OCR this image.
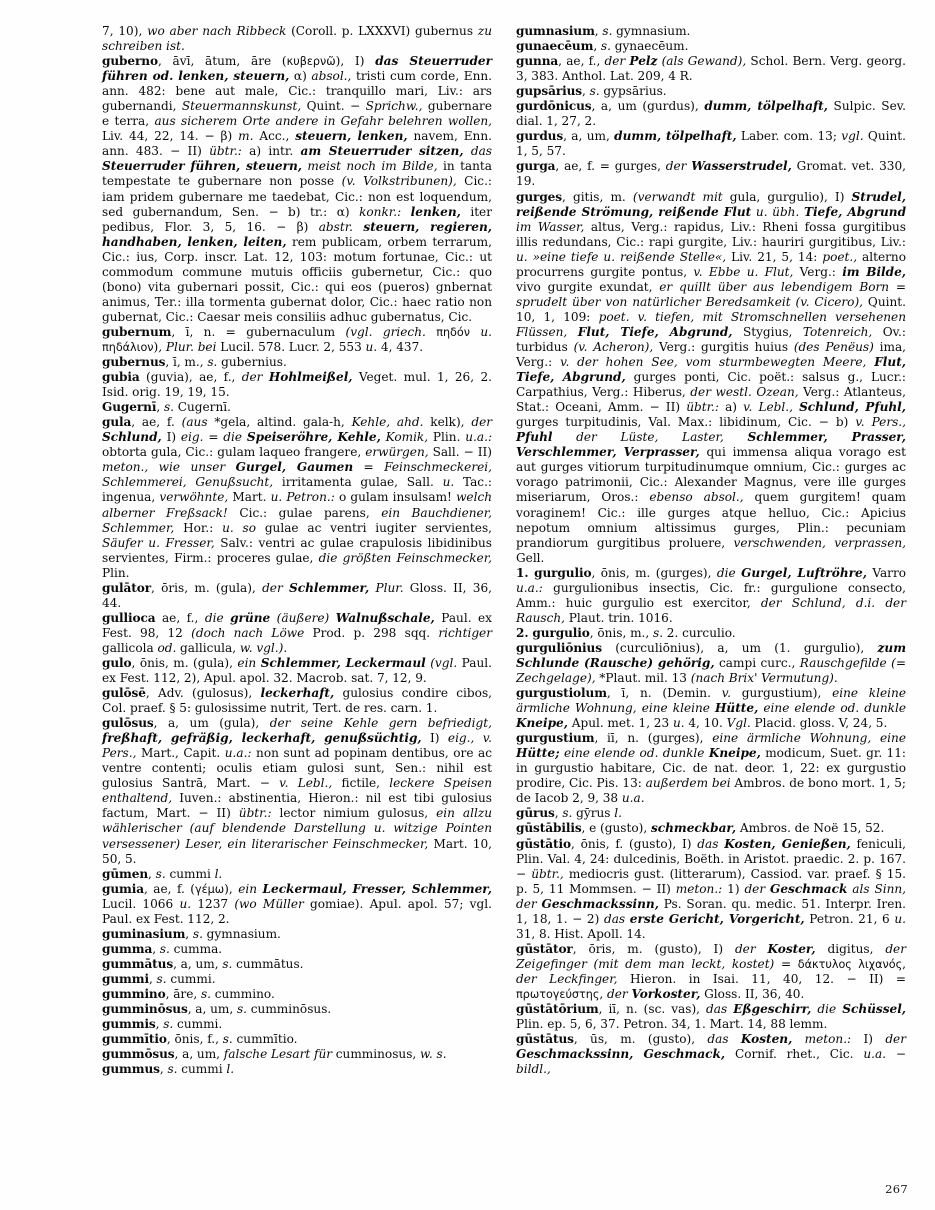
7, 10), wo aber nach Ribbeck (Coroll. p. LXXXVI) gubernus zu schreiben ist.

guberno, āvī, ātum, āre (κυβερνῶ), I) das Steuerruder führen od. lenken, steuern, α) absol., tristi cum corde, Enn. ann. 482: bene aut male, Cic.: tranquillo mari, Liv.: ars gubernandi, Steuermannskunst, Quint. − Sprichw., gubernare e terra, aus sicherem Orte andere in Gefahr belehren wollen, Liv. 44, 22, 14. − β) m. Acc., steuern, lenken, navem, Enn. ann. 483. − II) übtr.: a) intr. am Steuerruder sitzen, das Steuerruder führen, steuern, meist noch im Bilde, in tanta tempestate te gubernare non posse (v. Volkstribunen), Cic.: iam pridem gubernare me taedebat, Cic.: non est loquendum, sed gubernandum, Sen. − b) tr.: α) konkr.: lenken, iter pedibus, Flor. 3, 5, 16. − β) abstr. steuern, regieren, handhaben, lenken, leiten, rem publicam, orbem terrarum, Cic.: ius, Corp. inscr. Lat. 12, 103: motum fortunae, Cic.: ut commodum commune mutuis officiis gubernetur, Cic.: quo (bono) vita gubernari possit, Cic.: qui eos (pueros) gnbernat animus, Ter.: illa tormenta gubernat dolor, Cic.: haec ratio non gubernat, Cic.: Caesar meis consiliis adhuc gubernatus, Cic.

gubernum, ī, n. = gubernaculum (vgl. griech. πηδόν u. πηδάλιον), Plur. bei Lucil. 578. Lucr. 2, 553 u. 4, 437.

gubernus, ī, m., s. gubernius.

gubia (guvia), ae, f., der Hohlmeißel, Veget. mul. 1, 26, 2. Isid. orig. 19, 19, 15.

Gugernī, s. Cugernī.

gula, ae, f. (aus *gela, altind. gala-h, Kehle, ahd. kelk), der Schlund, I) eig. = die Speiseröhre, Kehle, Komik, Plin. u.a.: obtorta gula, Cic.: gulam laqueo frangere, erwürgen, Sall. − II) meton., wie unser Gurgel, Gaumen = Feinschmeckerei, Schlemmerei, Genußsucht, irritamenta gulae, Sall. u. Tac.: ingenua, verwöhnte, Mart. u. Petron.: o gulam insulsam! welch alberner Freßsack! Cic.: gulae parens, ein Bauchdiener, Schlemmer, Hor.: u. so gulae ac ventri iugiter servientes, Säufer u. Fresser, Salv.: ventri ac gulae crapulosis libidinibus servientes, Firm.: proceres gulae, die größten Feinschmecker, Plin.

gulātor, ōris, m. (gula), der Schlemmer, Plur. Gloss. II, 36, 44.

gullioca ae, f., die grüne (äußere) Walnußschale, Paul. ex Fest. 98, 12 (doch nach Löwe Prod. p. 298 sqq. richtiger gallicola od. gallicula, w. vgl.).

gulo, ōnis, m. (gula), ein Schlemmer, Leckermaul (vgl. Paul. ex Fest. 112, 2), Apul. apol. 32. Macrob. sat. 7, 12, 9.

gulōsē, Adv. (gulosus), leckerhaft, gulosius condire cibos, Col. praef. § 5: gulosissime nutrit, Tert. de res. carn. 1.

gulōsus, a, um (gula), der seine Kehle gern befriedigt, freßhaft, gefräßig, leckerhaft, genußsüchtig, I) eig., v. Pers., Mart., Capit. u.a.: non sunt ad popinam dentibus, ore ac ventre contenti; oculis etiam gulosi sunt, Sen.: nihil est gulosius Santrā, Mart. − v. Lebl., fictile, leckere Speisen enthaltend, Iuven.: abstinentia, Hieron.: nil est tibi gulosius factum, Mart. − II) übtr.: lector nimium gulosus, ein allzu wählerischer (auf blendende Darstellung u. witzige Pointen versessener) Leser, ein literarischer Feinschmecker, Mart. 10, 50, 5.

gūmen, s. cummi l.

gumia, ae, f. (γέμω), ein Leckermaul, Fresser, Schlemmer, Lucil. 1066 u. 1237 (wo Müller gomiae). Apul. apol. 57; vgl. Paul. ex Fest. 112, 2.

guminasium, s. gymnasium.

gumma, s. cumma.

gummātus, a, um, s. cummātus.

gummi, s. cummi.

gummino, āre, s. cummino.

gumminōsus, a, um, s. cumminōsus.

gummis, s. cummi.

gummītio, ōnis, f., s. cummītio.

gummōsus, a, um, falsche Lesart für cumminosus, w. s.

gummus, s. cummi l.

gumnasium, s. gymnasium.

gunaecēum, s. gynaecēum.

gunna, ae, f., der Pelz (als Gewand), Schol. Bern. Verg. georg. 3, 383. Anthol. Lat. 209, 4 R.

gupsārius, s. gypsārius.

gurdōnicus, a, um (gurdus), dumm, tölpelhaft, Sulpic. Sev. dial. 1, 27, 2.

gurdus, a, um, dumm, tölpelhaft, Laber. com. 13; vgl. Quint. 1, 5, 57.

gurga, ae, f. = gurges, der Wasserstrudel, Gromat. vet. 330, 19.

gurges, gitis, m. (verwandt mit gula, gurgulio), I) Strudel, reißende Strömung, reißende Flut u. übh. Tiefe, Abgrund im Wasser, altus, Verg.: rapidus, Liv.: Rheni fossa gurgitibus illis redundans, Cic.: rapi gurgite, Liv.: hauriri gurgitibus, Liv.: u. »eine tiefe u. reißende Stelle«, Liv. 21, 5, 14: poet., alterno procurrens gurgite pontus, v. Ebbe u. Flut, Verg.: im Bilde, vivo gurgite exundat, er quillt über aus lebendigem Born = sprudelt über von natürlicher Beredsamkeit (v. Cicero), Quint. 10, 1, 109: poet. v. tiefen, mit Stromschnellen versehenen Flüssen, Flut, Tiefe, Abgrund, Stygius, Totenreich, Ov.: turbidus (v. Acheron), Verg.: gurgitis huius (des Penëus) ima, Verg.: v. der hohen See, vom sturmbewegten Meere, Flut, Tiefe, Abgrund, gurges ponti, Cic. poët.: salsus g., Lucr.: Carpathius, Verg.: Hiberus, der westl. Ozean, Verg.: Atlanteus, Stat.: Oceani, Amm. − II) übtr.: a) v. Lebl., Schlund, Pfuhl, gurges turpitudinis, Val. Max.: libidinum, Cic. − b) v. Pers., Pfuhl der Lüste, Laster, Schlemmer, Prasser, Verschlemmer, Verprasser, qui immensa aliqua vorago est aut gurges vitiorum turpitudinumque omnium, Cic.: gurges ac vorago patrimonii, Cic.: Alexander Magnus, vere ille gurges miseriarum, Oros.: ebenso absol., quem gurgitem! quam voraginem! Cic.: ille gurges atque helluo, Cic.: Apicius nepotum omnium altissimus gurges, Plin.: pecuniam prandiorum gurgitibus proluere, verschwenden, verprassen, Gell.

1. gurgulio, ōnis, m. (gurges), die Gurgel, Luftröhre, Varro u.a.: gurgulionibus insectis, Cic. fr.: gurgulione consecto, Amm.: huic gurgulio est exercitor, der Schlund, d.i. der Rausch, Plaut. trin. 1016.

2. gurgulio, ōnis, m., s. 2. curculio.

gurguliōnius (curculiōnius), a, um (1. gurgulio), zum Schlunde (Rausche) gehörig, campi curc., Rauschgefilde (= Zechgelage), *Plaut. mil. 13 (nach Brix' Vermutung).

gurgustiolum, ī, n. (Demin. v. gurgustium), eine kleine ärmliche Wohnung, eine kleine Hütte, eine elende od. dunkle Kneipe, Apul. met. 1, 23 u. 4, 10. Vgl. Placid. gloss. V, 24, 5.

gurgustium, iī, n. (gurges), eine ärmliche Wohnung, eine Hütte; eine elende od. dunkle Kneipe, modicum, Suet. gr. 11: in gurgustio habitare, Cic. de nat. deor. 1, 22: ex gurgustio prodire, Cic. Pis. 13: außerdem bei Ambros. de bono mort. 1, 5; de Iacob 2, 9, 38 u.a.

gūrus, s. gȳrus l.

gūstābilis, e (gusto), schmeckbar, Ambros. de Noë 15, 52.

gūstātio, ōnis, f. (gusto), I) das Kosten, Genießen, feniculi, Plin. Val. 4, 24: dulcedinis, Boëth. in Aristot. praedic. 2. p. 167. − übtr., mediocris gust. (litterarum), Cassiod. var. praef. § 15. p. 5, 11 Mommsen. − II) meton.: 1) der Geschmack als Sinn, der Geschmackssinn, Ps. Soran. qu. medic. 51. Interpr. Iren. 1, 18, 1. − 2) das erste Gericht, Vorgericht, Petron. 21, 6 u. 31, 8. Hist. Apoll. 14.

gūstātor, ōris, m. (gusto), I) der Koster, digitus, der Zeigefinger (mit dem man leckt, kostet) = δάκτυλος λιχανός, der Leckfinger, Hieron. in Isai. 11, 40, 12. − II) = πρωτογεύστης, der Vorkoster, Gloss. II, 36, 40.

gūstātōrium, iī, n. (sc. vas), das Eßgeschirr, die Schüssel, Plin. ep. 5, 6, 37. Petron. 34, 1. Mart. 14, 88 lemm.

gūstātus, ūs, m. (gusto), das Kosten, meton.: I) der Geschmackssinn, Geschmack, Cornif. rhet., Cic. u.a. − bildl.,

267
